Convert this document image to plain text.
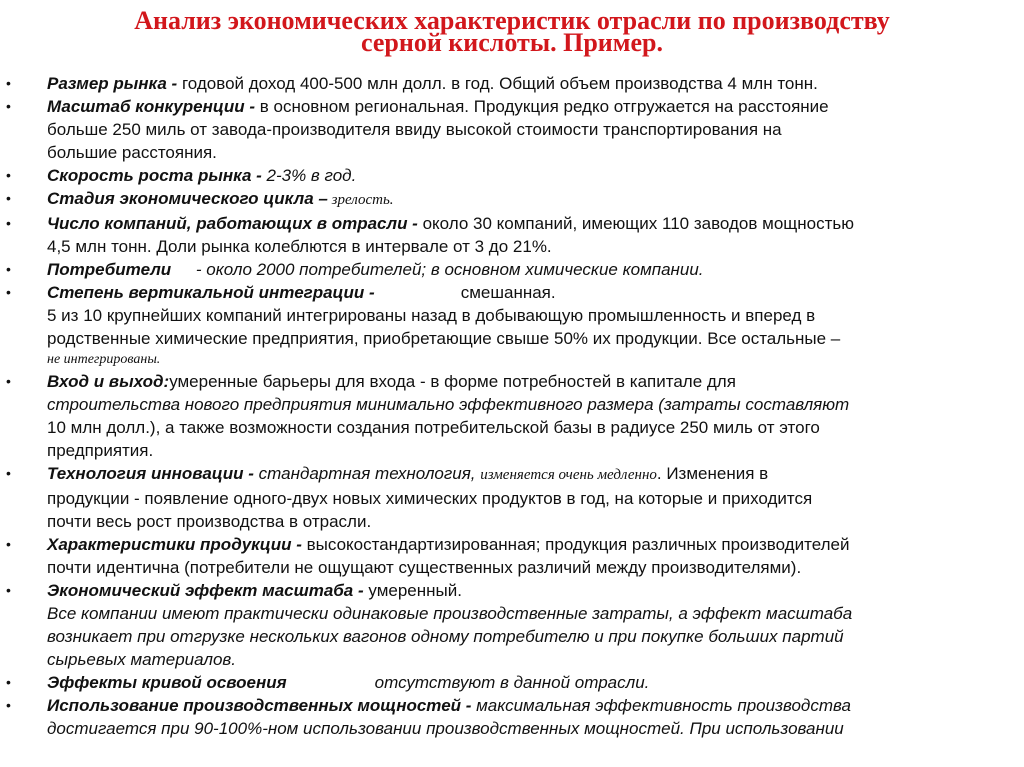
Анализ экономических характеристик отрасли по производству
серной кислоты. Пример.
• Размер рынка - годовой доход 400-500 млн долл. в год. Общий объем производства 4 млн тонн.
• Масштаб конкуренции - в основном региональная. Продукция редко отгружается на расстояние
больше 250 миль от завода-производителя ввиду высокой стоимости транспортирования на
большие расстояния.
• Скорость роста рынка - 2-3% в год.
• Стадия экономического цикла – зрелость.
• Число компаний, работающих в отрасли - около 30 компаний, имеющих 110 заводов мощностью
4,5 млн тонн. Доли рынка колеблются в интервале от 3 до 21%.
• Потребители - около 2000 потребителей; в основном химические компании.
• Степень вертикальной интеграции -	смешанная.
5 из 10 крупнейших компаний интегрированы назад в добывающую промышленность и вперед в
родственные химические предприятия, приобретающие свыше 50% их продукции. Все остальные –
не интегрированы.
• Вход и выход:умеренные барьеры для входа - в форме потребностей в капитале для
строительства нового предприятия минимально эффективного размера (затраты составляют
10 млн долл.), а также возможности создания потребительской базы в радиусе 250 миль от этого
предприятия.
• Технология инновации - стандартная технология, изменяется очень медленно. Изменения в
продукции - появление одного-двух новых химических продуктов в год, на которые и приходится
почти весь рост производства в отрасли.
• Характеристики продукции - высокостандартизированная; продукция различных производителей
почти идентична (потребители не ощущают существенных различий между производителями).
• Экономический эффект масштаба - умеренный.
Все компании имеют практически одинаковые производственные затраты, а эффект масштаба
возникает при отгрузке нескольких вагонов одному потребителю и при покупке больших партий
сырьевых материалов.
• Эффекты кривой освоения	отсутствуют в данной отрасли.
• Использование производственных мощностей - максимальная эффективность производства
достигается при 90-100%-ном использовании производственных мощностей. При использовании
